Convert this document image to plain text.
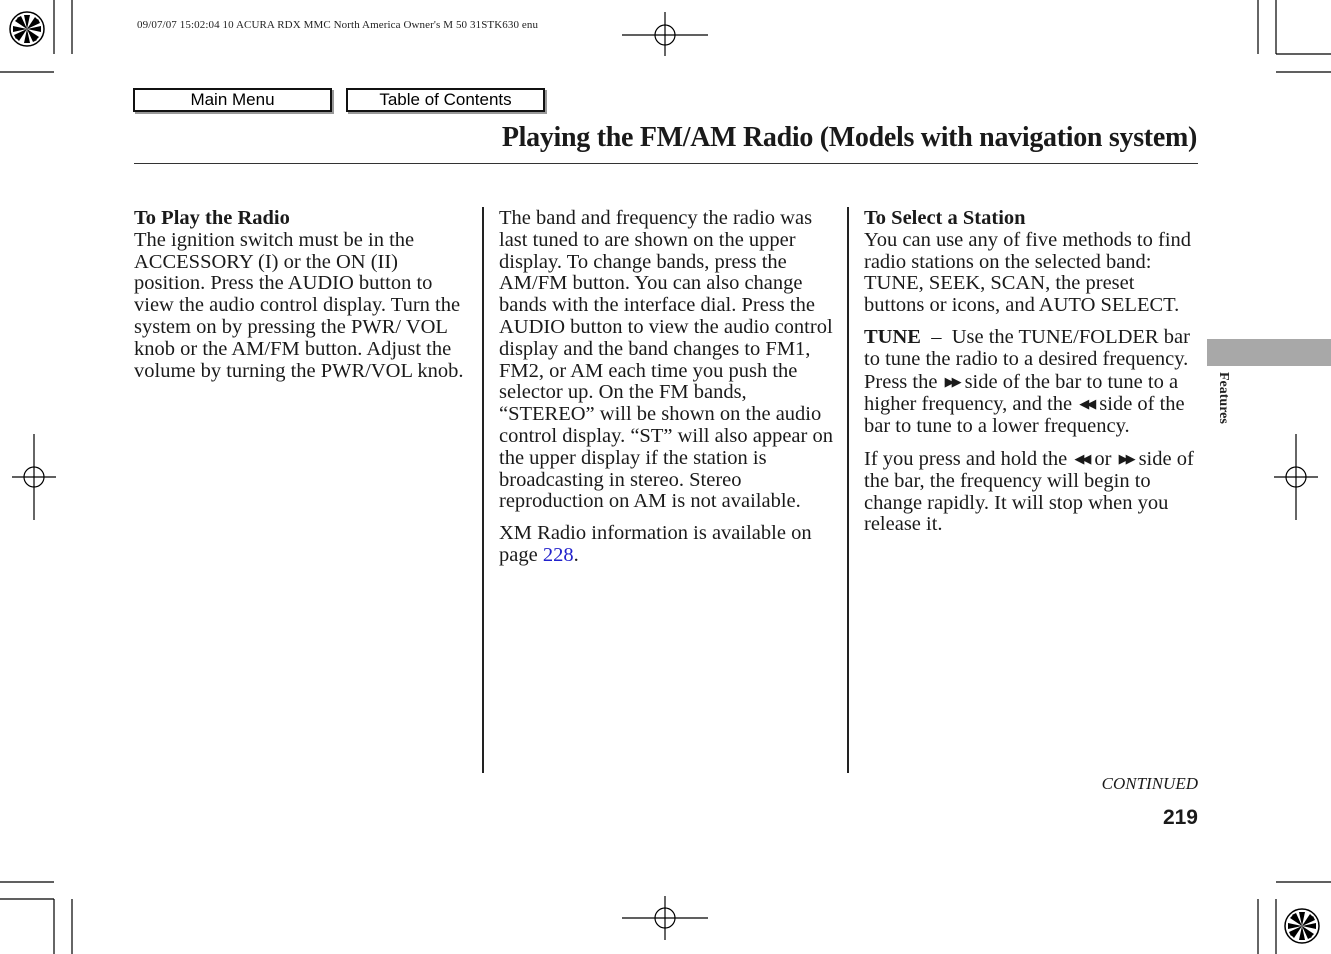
09/07/07 15:02:04 10 ACURA RDX MMC North America Owner's M 50 31STK630 enu
Main Menu	Table of Contents
Playing the FM/AM Radio (Models with navigation system)
To Play the Radio

The ignition switch must be in the ACCESSORY (I) or the ON (II) position. Press the AUDIO button to view the audio control display. Turn the system on by pressing the PWR/ VOL knob or the AM/FM button. Adjust the volume by turning the PWR/VOL knob.

The band and frequency the radio was last tuned to are shown on the upper display. To change bands, press the AM/FM button. You can also change bands with the interface dial. Press the AUDIO button to view the audio control display and the band changes to FM1, FM2, or AM each time you push the selector up. On the FM bands, “STEREO” will be shown on the audio control display. “ST” will also appear on the upper display if the station is broadcasting in stereo. Stereo reproduction on AM is not available.

XM Radio information is available on page 228.

To Select a Station

You can use any of five methods to find radio stations on the selected band: TUNE, SEEK, SCAN, the preset buttons or icons, and AUTO SELECT.

TUNE – Use the TUNE/FOLDER bar to tune the radio to a desired frequency. Press the ▶▶ side of the bar to tune to a higher frequency, and the ◀◀ side of the bar to tune to a lower frequency.

If you press and hold the ◀◀ or ▶▶ side of the bar, the frequency will begin to change rapidly. It will stop when you release it.

Features
CONTINUED
219
